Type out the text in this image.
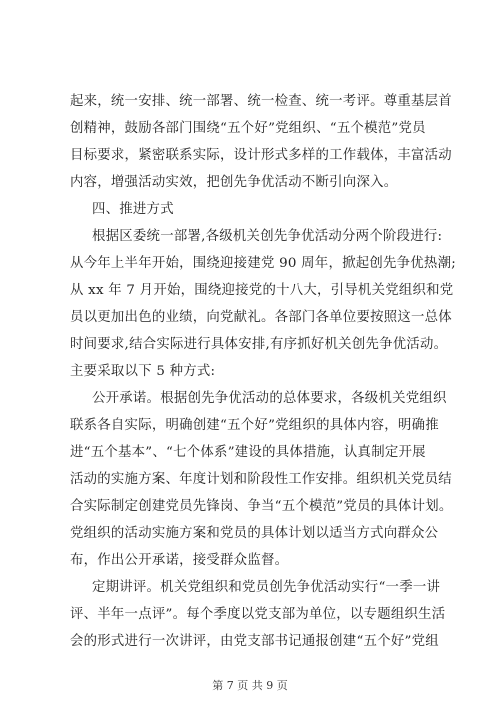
起来，统一安排、统一部署、统一检查、统一考评。尊重基层首
创精神，鼓励各部门围绕“五个好”党组织、“五个模范”党员
目标要求，紧密联系实际，设计形式多样的工作载体，丰富活动
内容，增强活动实效，把创先争优活动不断引向深入。
四、推进方式
根据区委统一部署,各级机关创先争优活动分两个阶段进行:
从今年上半年开始，围绕迎接建党 90 周年，掀起创先争优热潮;
从 xx 年 7 月开始，围绕迎接党的十八大，引导机关党组织和党
员以更加出色的业绩，向党献礼。各部门各单位要按照这一总体
时间要求,结合实际进行具体安排,有序抓好机关创先争优活动。
主要采取以下 5 种方式:
公开承诺。根据创先争优活动的总体要求，各级机关党组织
联系各自实际，明确创建“五个好”党组织的具体内容，明确推
进“五个基本”、“七个体系”建设的具体措施，认真制定开展
活动的实施方案、年度计划和阶段性工作安排。组织机关党员结
合实际制定创建党员先锋岗、争当“五个模范”党员的具体计划。
党组织的活动实施方案和党员的具体计划以适当方式向群众公
布，作出公开承诺，接受群众监督。
定期讲评。机关党组织和党员创先争优活动实行“一季一讲
评、半年一点评”。每个季度以党支部为单位，以专题组织生活
会的形式进行一次讲评，由党支部书记通报创建“五个好”党组
第 7 页 共 9 页
